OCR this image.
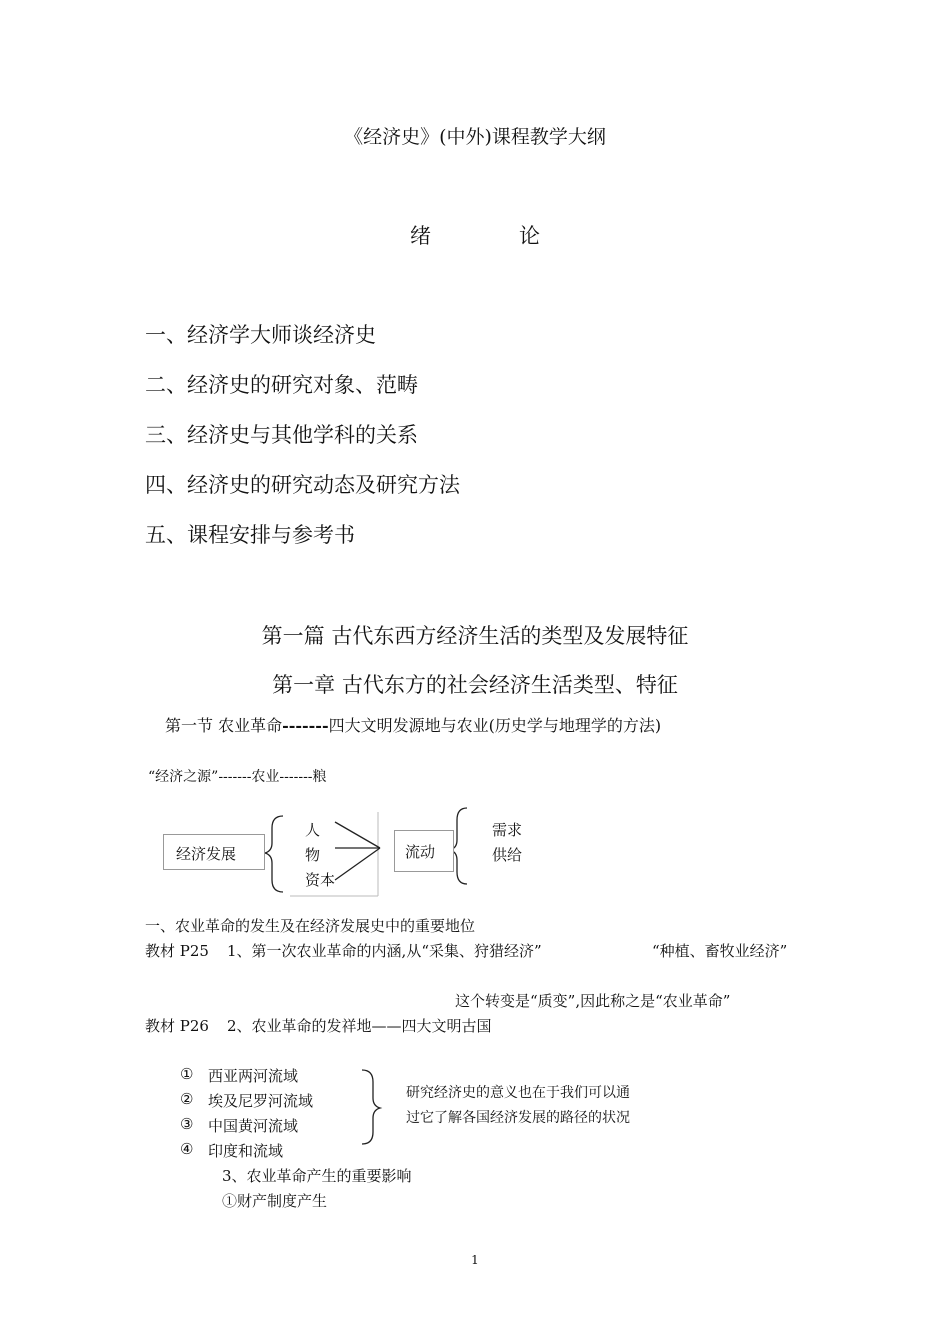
《经济史》(中外)课程教学大纲
绪	论
一、经济学大师谈经济史
二、经济史的研究对象、范畴
三、经济史与其他学科的关系
四、经济史的研究动态及研究方法
五、课程安排与参考书
第一篇 古代东西方经济生活的类型及发展特征
第一章 古代东方的社会经济生活类型、特征
第一节 农业革命-------四大文明发源地与农业(历史学与地理学的方法)
“经济之源”-------农业-------粮
经济发展
人
物
资本
流动
需求
供给
一、农业革命的发生及在经济发展史中的重要地位
教材 P25 1、第一次农业革命的内涵,从“采集、狩猎经济”	“种植、畜牧业经济”
这个转变是“质变”,因此称之是“农业革命”
教材 P26 2、农业革命的发祥地——四大文明古国
① 西亚两河流域
② 埃及尼罗河流域
③ 中国黄河流域
④ 印度和流域
研究经济史的意义也在于我们可以通
过它了解各国经济发展的路径的状况
3、农业革命产生的重要影响
①财产制度产生
1
